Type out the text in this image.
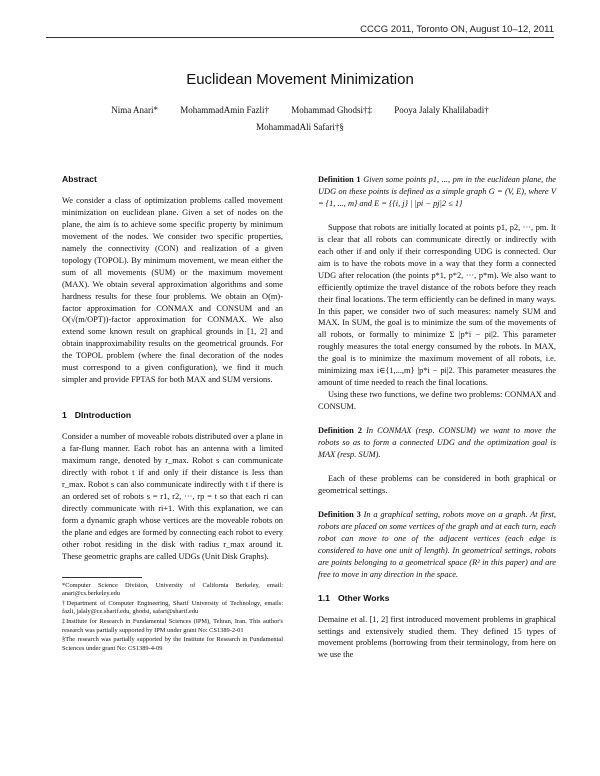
CCCG 2011, Toronto ON, August 10–12, 2011
Euclidean Movement Minimization
Nima Anari* MohammadAmin Fazli† Mohammad Ghodsi†‡ Pooya Jalaly Khalilabadi†
MohammadAli Safari†§
Abstract

We consider a class of optimization problems called movement minimization on euclidean plane. Given a set of nodes on the plane, the aim is to achieve some specific property by minimum movement of the nodes. We consider two specific properties, namely the connectivity (CON) and realization of a given topology (TOPOL). By minimum movement, we mean either the sum of all movements (SUM) or the maximum movement (MAX). We obtain several approximation algorithms and some hardness results for these four problems. We obtain an O(m)-factor approximation for CONMAX and CONSUM and an O(√(m/OPT))-factor approximation for CONMAX. We also extend some known result on graphical grounds in [1, 2] and obtain inapproximability results on the geometrical grounds. For the TOPOL problem (where the final decoration of the nodes must correspond to a given configuration), we find it much simpler and provide FPTAS for both MAX and SUM versions.

1 DIntroduction

Consider a number of moveable robots distributed over a plane in a far-flung manner. Each robot has an antenna with a limited maximum range, denoted by r_max. Robot s can communicate directly with robot t if and only if their distance is less than r_max. Robot s can also communicate indirectly with t if there is an ordered set of robots s = r1, r2, ···, rp = t so that each ri can directly communicate with ri+1. With this explanation, we can form a dynamic graph whose vertices are the moveable robots on the plane and edges are formed by connecting each robot to every other robot residing in the disk with radius r_max around it. These geometric graphs are called UDGs (Unit Disk Graphs).

*Computer Science Division, University of California Berkeley, email: anari@cs.berkeley.edu

†Department of Computer Engineering, Sharif University of Technology, emails: fazli, jalaly@ce.sharif.edu, ghodsi, safari@sharif.edu

‡Institute for Research in Fundamental Sciences (IPM), Tehran, Iran. This author's research was partially supported by IPM under grant No: CS1389-2-01

§The research was partially supported by the Institute for Research in Fundamental Sciences under grant No: CS1389-4-09

Definition 1 Given some points p1, ..., pm in the euclidean plane, the UDG on these points is defined as a simple graph G = (V, E), where V = {1, ..., m} and E = {{i, j} | |pi − pj|2 ≤ 1}

Suppose that robots are initially located at points p1, p2, ···, pm. It is clear that all robots can communicate directly or indirectly with each other if and only if their corresponding UDG is connected. Our aim is to have the robots move in a way that they form a connected UDG after relocation (the points p*1, p*2, ···, p*m). We also want to efficiently optimize the travel distance of the robots before they reach their final locations. The term efficiently can be defined in many ways. In this paper, we consider two of such measures: namely SUM and MAX. In SUM, the goal is to minimize the sum of the movements of all robots, or formally to minimize Σ |p*i − pi|2. This parameter roughly measures the total energy consumed by the robots. In MAX, the goal is to minimize the maximum movement of all robots, i.e. minimizing max i∈{1,...,m} |p*i − pi|2. This parameter measures the amount of time needed to reach the final locations.

Using these two functions, we define two problems: CONMAX and CONSUM.

Definition 2 In CONMAX (resp. CONSUM) we want to move the robots so as to form a connected UDG and the optimization goal is MAX (resp. SUM).

Each of these problems can be considered in both graphical or geometrical settings.

Definition 3 In a graphical setting, robots move on a graph. At first, robots are placed on some vertices of the graph and at each turn, each robot can move to one of the adjacent vertices (each edge is considered to have one unit of length). In geometrical settings, robots are points belonging to a geometrical space (R² in this paper) and are free to move in any direction in the space.

1.1 Other Works

Demaine et al. [1, 2] first introduced movement problems in graphical settings and extensively studied them. They defined 15 types of movement problems (borrowing from their terminology, from here on we use the
